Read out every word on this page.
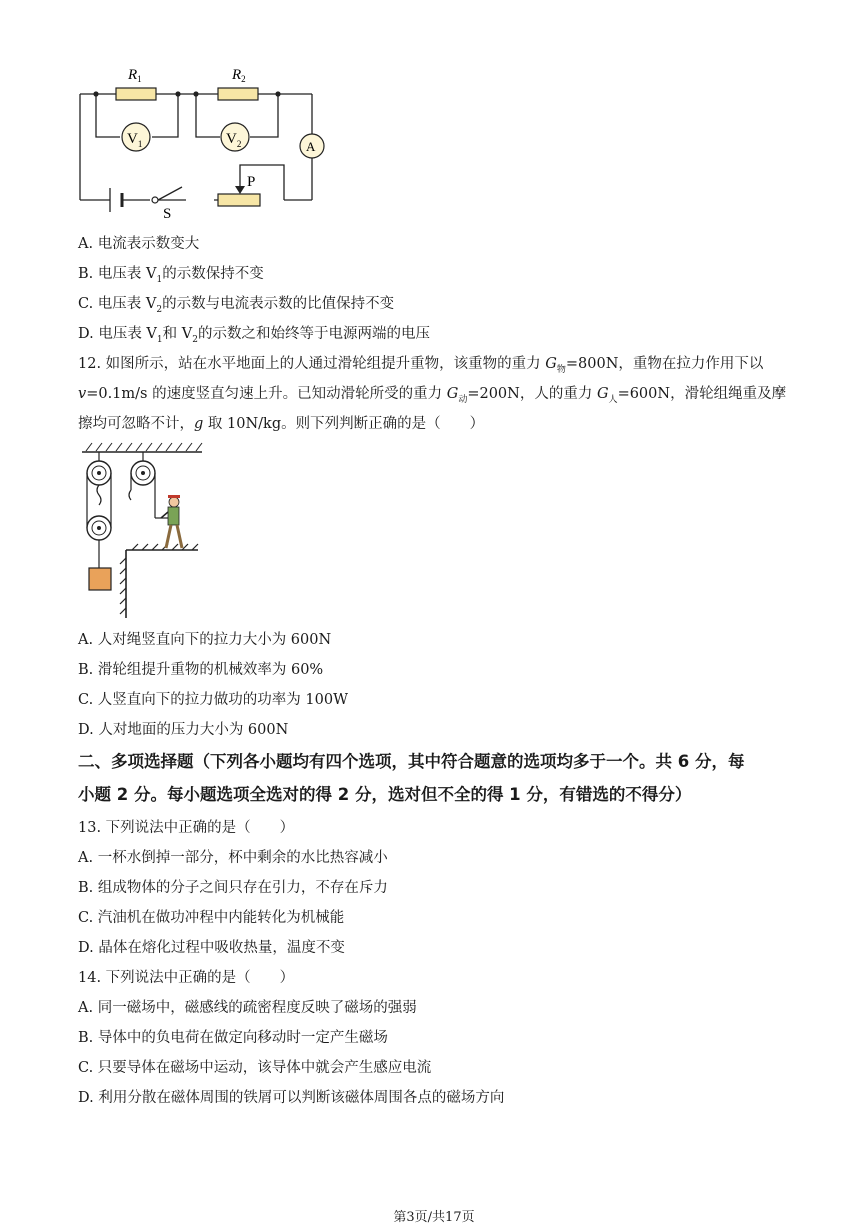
$R_1$	$R_2$
$V_1$	$V_2$	A
P
S
A. 电流表示数变大
B. 电压表 $V_1$的示数保持不变
C. 电压表 $V_2$的示数与电流表示数的比值保持不变
D. 电压表 $V_1$和 $V_2$的示数之和始终等于电源两端的电压
12. 如图所示，站在水平地面上的人通过滑轮组提升重物，该重物的重力 $G_物=800N$，重物在拉力作用下以
v=0.1m/s 的速度竖直匀速上升。已知动滑轮所受的重力 $G_动=200N$，人的重力 $G_人=600N$，滑轮组绳重及摩
擦均可忽略不计，g 取 10N/kg。则下列判断正确的是（　　）
A. 人对绳竖直向下的拉力大小为 600N
B. 滑轮组提升重物的机械效率为 60%
C. 人竖直向下的拉力做功的功率为 100W
D. 人对地面的压力大小为 600N
二、多项选择题（下列各小题均有四个选项，其中符合题意的选项均多于一个。共 6 分，每
小题 2 分。每小题选项全选对的得 2 分，选对但不全的得 1 分，有错选的不得分）
13. 下列说法中正确的是（　　）
A. 一杯水倒掉一部分，杯中剩余的水比热容减小
B. 组成物体的分子之间只存在引力，不存在斥力
C. 汽油机在做功冲程中内能转化为机械能
D. 晶体在熔化过程中吸收热量，温度不变
14. 下列说法中正确的是（　　）
A. 同一磁场中，磁感线的疏密程度反映了磁场的强弱
B. 导体中的负电荷在做定向移动时一定产生磁场
C. 只要导体在磁场中运动，该导体中就会产生感应电流
D. 利用分散在磁体周围的铁屑可以判断该磁体周围各点的磁场方向
第3页/共17页
